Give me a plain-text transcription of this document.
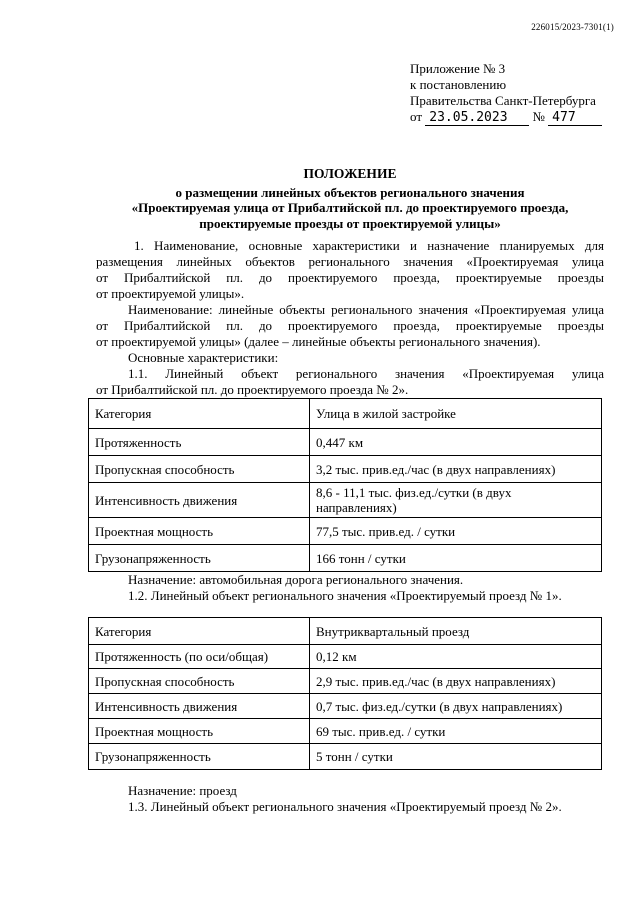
226015/2023-7301(1)
Приложение № 3
к постановлению
Правительства Санкт-Петербурга
от 23.05.2023 № 477
ПОЛОЖЕНИЕ
о размещении линейных объектов регионального значения
«Проектируемая улица от Прибалтийской пл. до проектируемого проезда,
проектируемые проезды от проектируемой улицы»
1. Наименование, основные характеристики и назначение планируемых для
размещения линейных объектов регионального значения «Проектируемая улица
от Прибалтийской пл. до проектируемого проезда, проектируемые проезды
от проектируемой улицы».
Наименование: линейные объекты регионального значения «Проектируемая улица
от Прибалтийской пл. до проектируемого проезда, проектируемые проезды
от проектируемой улицы» (далее – линейные объекты регионального значения).
Основные характеристики:
1.1. Линейный объект регионального значения «Проектируемая улица
от Прибалтийской пл. до проектируемого проезда № 2».
Категория	Улица в жилой застройке
Протяженность	0,447 км
Пропускная способность	3,2 тыс. прив.ед./час (в двух направлениях)
Интенсивность движения	8,6 - 11,1 тыс. физ.ед./сутки (в двух направлениях)
Проектная мощность	77,5 тыс. прив.ед. / сутки
Грузонапряженность	166 тонн / сутки
Назначение: автомобильная дорога регионального значения.
1.2. Линейный объект регионального значения «Проектируемый проезд № 1».
Категория	Внутриквартальный проезд
Протяженность (по оси/общая)	0,12 км
Пропускная способность	2,9 тыс. прив.ед./час (в двух направлениях)
Интенсивность движения	0,7 тыс. физ.ед./сутки (в двух направлениях)
Проектная мощность	69 тыс. прив.ед. / сутки
Грузонапряженность	5 тонн / сутки
Назначение: проезд
1.3. Линейный объект регионального значения «Проектируемый проезд № 2».
